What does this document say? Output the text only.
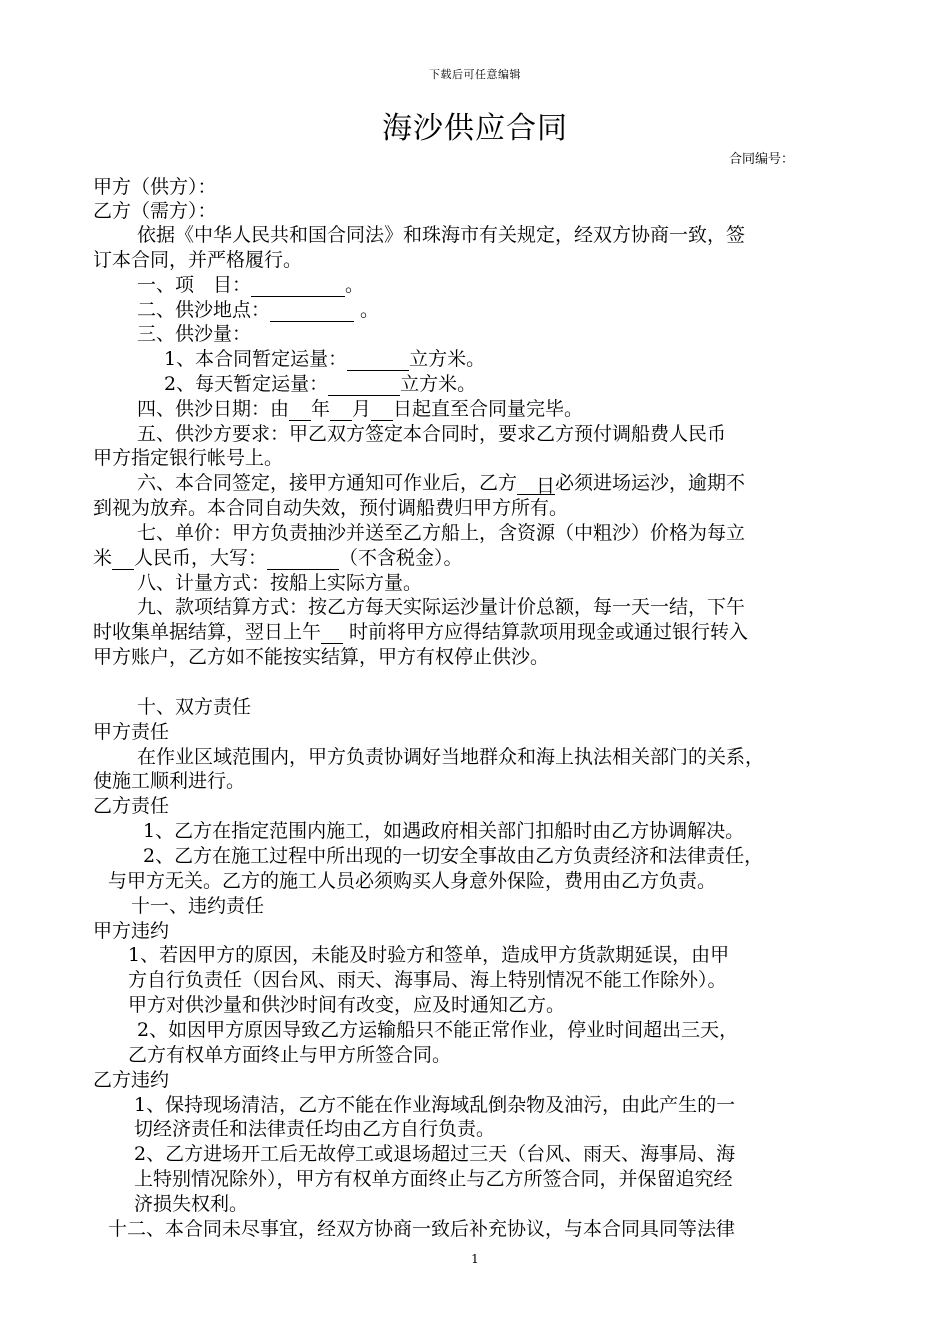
下载后可任意编辑
海沙供应合同
合同编号：
甲方（供方）：
乙方（需方）：
依据《中华人民共和国合同法》和珠海市有关规定，经双方协商一致，签
订本合同，并严格履行。
一、项　目：	。
二、供沙地点：	。
三、供沙量：
1、本合同暂定运量：	立方米。
2、每天暂定运量：	立方米。
四、供沙日期：由 年 月 日起直至合同量完毕。
五、供沙方要求：甲乙双方签定本合同时，要求乙方预付调船费人民币
甲方指定银行帐号上。
六、本合同签定，接甲方通知可作业后，乙方 日必须进场运沙，逾期不
到视为放弃。本合同自动失效，预付调船费归甲方所有。
七、单价：甲方负责抽沙并送至乙方船上，含资源（中粗沙）价格为每立
米 人民币，大写：	（不含税金）。
八、计量方式：按船上实际方量。
九、款项结算方式：按乙方每天实际运沙量计价总额，每一天一结，下午
时收集单据结算，翌日上午 时前将甲方应得结算款项用现金或通过银行转入
甲方账户，乙方如不能按实结算，甲方有权停止供沙。
十、双方责任
甲方责任
在作业区域范围内，甲方负责协调好当地群众和海上执法相关部门的关系，
使施工顺利进行。
乙方责任
1、乙方在指定范围内施工，如遇政府相关部门扣船时由乙方协调解决。
2、乙方在施工过程中所出现的一切安全事故由乙方负责经济和法律责任，
与甲方无关。乙方的施工人员必须购买人身意外保险，费用由乙方负责。
十一、违约责任
甲方违约
1、若因甲方的原因，未能及时验方和签单，造成甲方货款期延误，由甲
方自行负责任（因台风、雨天、海事局、海上特别情况不能工作除外）。
甲方对供沙量和供沙时间有改变，应及时通知乙方。
2、如因甲方原因导致乙方运输船只不能正常作业，停业时间超出三天，
乙方有权单方面终止与甲方所签合同。
乙方违约
1、保持现场清洁，乙方不能在作业海域乱倒杂物及油污，由此产生的一
切经济责任和法律责任均由乙方自行负责。
2、乙方进场开工后无故停工或退场超过三天（台风、雨天、海事局、海
上特别情况除外），甲方有权单方面终止与乙方所签合同，并保留追究经
济损失权利。
十二、本合同未尽事宜，经双方协商一致后补充协议，与本合同具同等法律
1
